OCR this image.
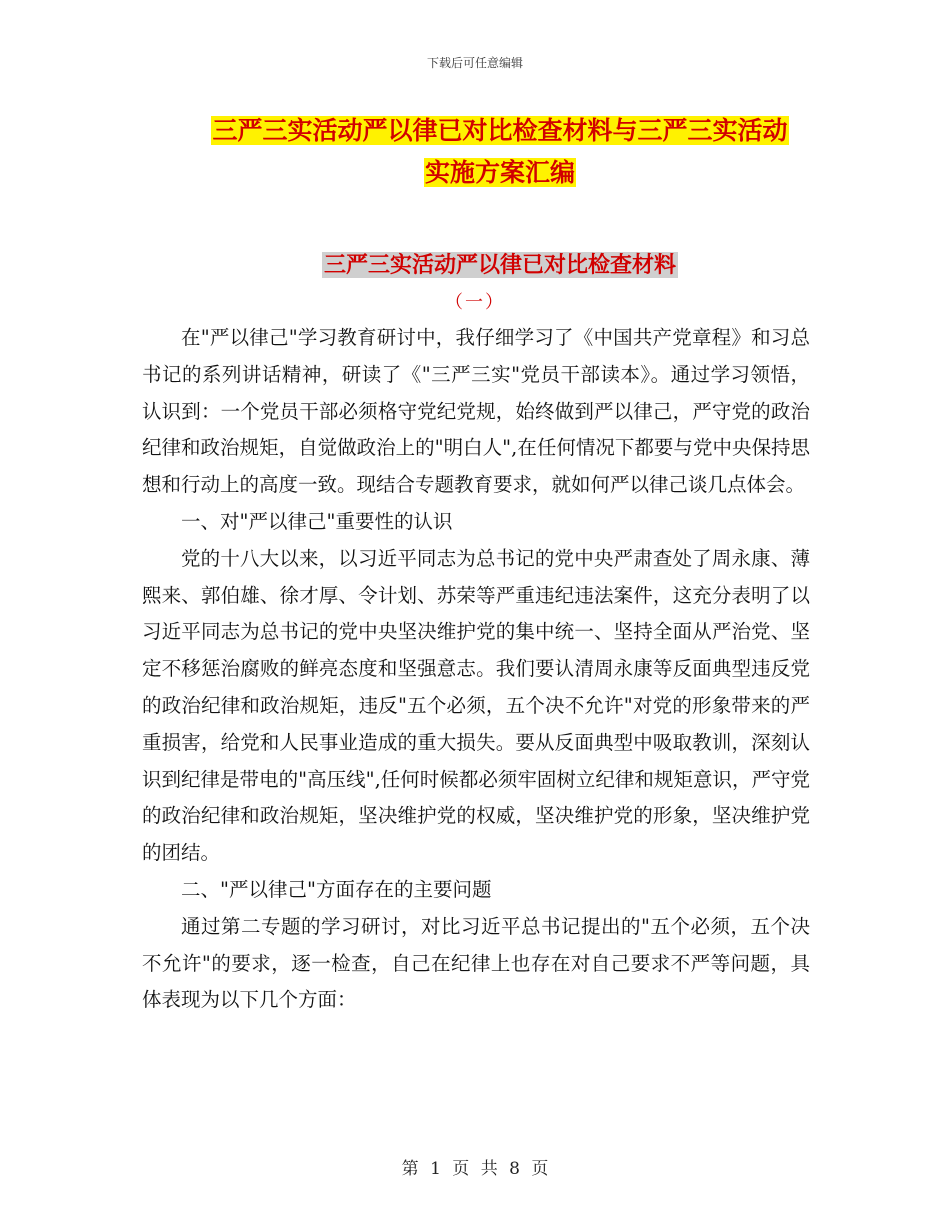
下载后可任意编辑
三严三实活动严以律已对比检查材料与三严三实活动
实施方案汇编
三严三实活动严以律已对比检查材料
（一）

在"严以律己"学习教育研讨中，我仔细学习了《中国共产党章程》和习总书记的系列讲话精神，研读了《"三严三实"党员干部读本》。通过学习领悟，认识到：一个党员干部必须格守党纪党规，始终做到严以律己，严守党的政治纪律和政治规矩，自觉做政治上的"明白人",在任何情况下都要与党中央保持思想和行动上的高度一致。现结合专题教育要求，就如何严以律己谈几点体会。

一、对"严以律己"重要性的认识

党的十八大以来，以习近平同志为总书记的党中央严肃查处了周永康、薄熙来、郭伯雄、徐才厚、令计划、苏荣等严重违纪违法案件，这充分表明了以习近平同志为总书记的党中央坚决维护党的集中统一、坚持全面从严治党、坚定不移惩治腐败的鲜亮态度和坚强意志。我们要认清周永康等反面典型违反党的政治纪律和政治规矩，违反"五个必须，五个决不允许"对党的形象带来的严重损害，给党和人民事业造成的重大损失。要从反面典型中吸取教训，深刻认识到纪律是带电的"高压线",任何时候都必须牢固树立纪律和规矩意识，严守党的政治纪律和政治规矩，坚决维护党的权威，坚决维护党的形象，坚决维护党的团结。

二、"严以律己"方面存在的主要问题

通过第二专题的学习研讨，对比习近平总书记提出的"五个必须，五个决不允许"的要求，逐一检查，自己在纪律上也存在对自己要求不严等问题，具体表现为以下几个方面：

第 1 页 共 8 页
